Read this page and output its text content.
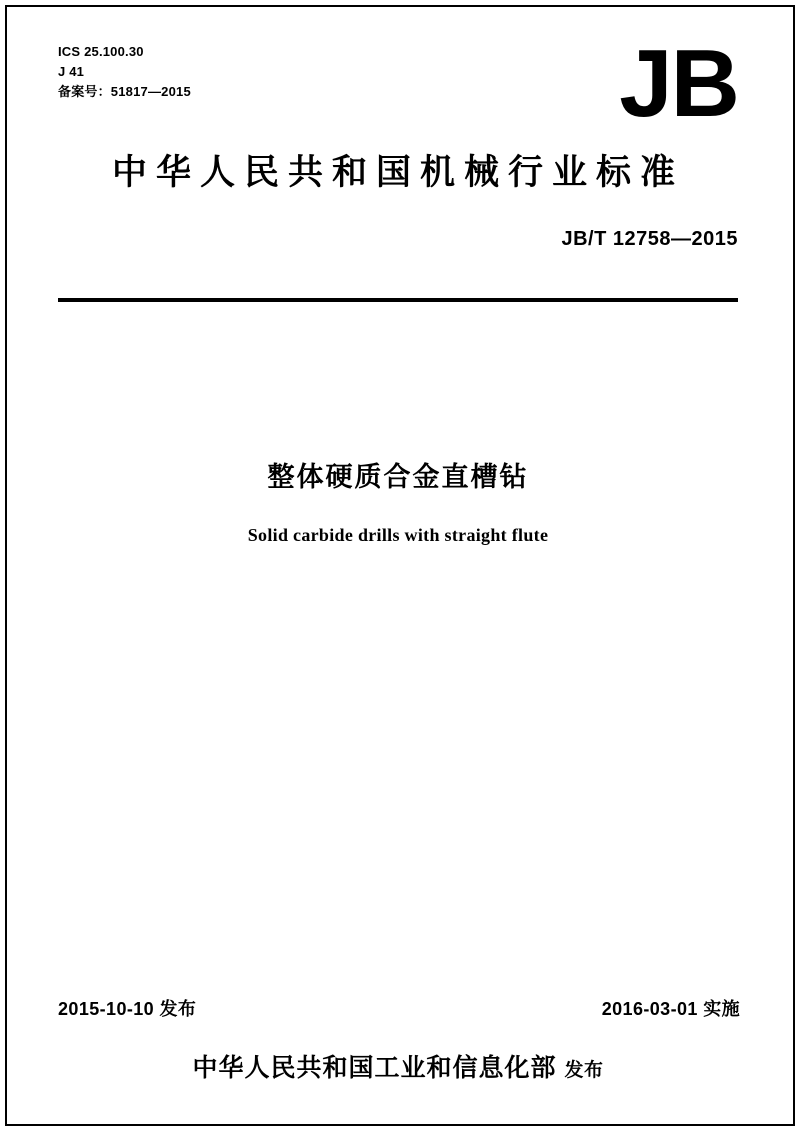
ICS 25.100.30
J 41
备案号：51817—2015	JB
中华人民共和国机械行业标准
JB/T 12758—2015
整体硬质合金直槽钻
Solid carbide drills with straight flute
2015-10-10 发布	2016-03-01 实施
中华人民共和国工业和信息化部 发布
